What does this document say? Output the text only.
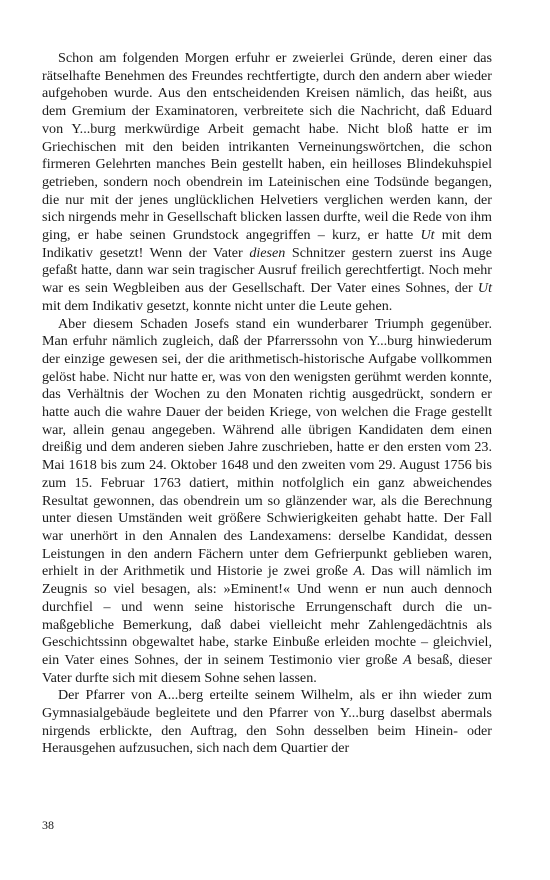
Schon am folgenden Morgen erfuhr er zweierlei Gründe, deren einer das rätselhafte Benehmen des Freundes rechtfertigte, durch den andern aber wieder aufgehoben wurde. Aus den entscheidenden Kreisen nämlich, das heißt, aus dem Gremium der Examinatoren, verbreitete sich die Nachricht, daß Eduard von Y...burg merkwürdige Arbeit gemacht habe. Nicht bloß hatte er im Griechischen mit den beiden intrikanten Verneinungswörtchen, die schon firmeren Gelehrten manches Bein gestellt haben, ein heilloses Blindekuhspiel getrieben, sondern noch obendrein im Lateinischen eine Todsünde begangen, die nur mit der jenes unglücklichen Helvetiers verglichen werden kann, der sich nirgends mehr in Gesellschaft blicken lassen durfte, weil die Rede von ihm ging, er habe seinen Grundstock angegriffen – kurz, er hatte Ut mit dem Indikativ gesetzt! Wenn der Vater diesen Schnitzer gestern zuerst ins Auge gefaßt hatte, dann war sein tragischer Ausruf freilich gerechtfertigt. Noch mehr war es sein Wegbleiben aus der Gesellschaft. Der Vater eines Sohnes, der Ut mit dem Indikativ gesetzt, konnte nicht unter die Leute gehen.

Aber diesem Schaden Josefs stand ein wunderbarer Triumph gegenüber. Man erfuhr nämlich zugleich, daß der Pfarrerssohn von Y...burg hinwiederum der einzige gewesen sei, der die arithmetisch-historische Aufgabe vollkommen gelöst habe. Nicht nur hatte er, was von den wenigsten gerühmt werden konnte, das Verhältnis der Wochen zu den Monaten richtig ausgedrückt, sondern er hatte auch die wahre Dauer der beiden Kriege, von welchen die Frage gestellt war, allein genau angegeben. Während alle übrigen Kandidaten dem einen dreißig und dem anderen sieben Jahre zuschrieben, hatte er den ersten vom 23. Mai 1618 bis zum 24. Oktober 1648 und den zweiten vom 29. August 1756 bis zum 15. Februar 1763 datiert, mithin notfolglich ein ganz abweichendes Resultat gewonnen, das obendrein um so glänzender war, als die Berechnung unter diesen Umständen weit größere Schwierigkeiten gehabt hatte. Der Fall war unerhört in den Annalen des Landexamens: derselbe Kandidat, dessen Leistungen in den andern Fächern unter dem Gefrierpunkt geblieben waren, erhielt in der Arithmetik und Historie je zwei große A. Das will nämlich im Zeugnis so viel besagen, als: »Eminent!« Und wenn er nun auch dennoch durchfiel – und wenn seine historische Errungenschaft durch die unmaßgebliche Bemerkung, daß dabei vielleicht mehr Zahlengedächtnis als Geschichtssinn obgewaltet habe, starke Einbuße erleiden mochte – gleichviel, ein Vater eines Sohnes, der in seinem Testimonio vier große A besaß, dieser Vater durfte sich mit diesem Sohne sehen lassen.

Der Pfarrer von A...berg erteilte seinem Wilhelm, als er ihn wieder zum Gymnasialgebäude begleitete und den Pfarrer von Y...burg daselbst abermals nirgends erblickte, den Auftrag, den Sohn desselben beim Hinein- oder Herausgehen aufzusuchen, sich nach dem Quartier der

38
